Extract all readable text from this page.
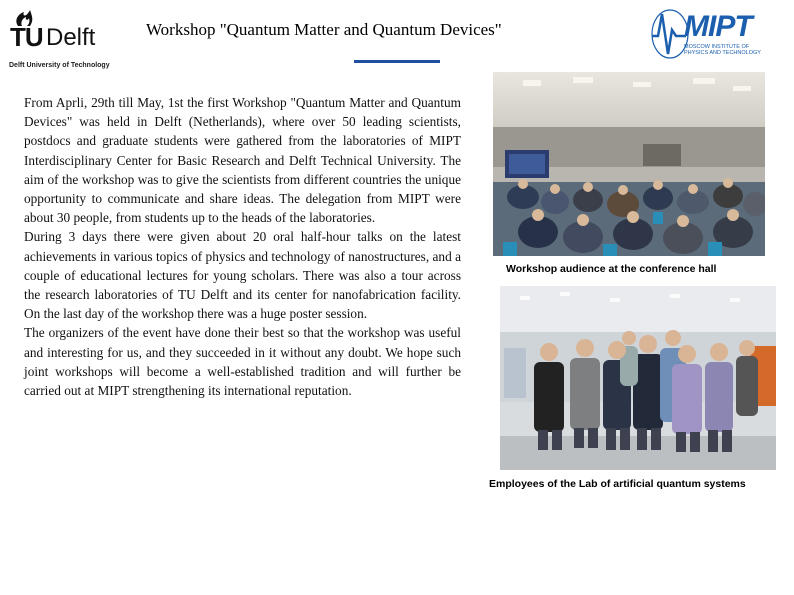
TU Delft
Delft University of Technology
Workshop "Quantum Matter and Quantum Devices"	MIPT
MOSCOW INSTITUTE OF PHYSICS AND TECHNOLOGY

From Aprli, 29th till May, 1st the first Workshop "Quantum Matter and Quantum Devices" was held in Delft (Netherlands), where over 50 leading scientists, postdocs and graduate students were gathered from the laboratories of MIPT Interdisciplinary Center for Basic Research and Delft Technical University. The aim of the workshop was to give the scientists from different countries the unique opportunity to communicate and share ideas. The delegation from MIPT were about 30 people, from students up to the heads of the laboratories.

During 3 days there were given about 20 oral half-hour talks on the latest achievements in various topics of physics and technology of nanostructures, and a couple of educational lectures for young scholars. There was also a tour across the research laboratories of TU Delft and its center for nanofabrication facility. On the last day of the workshop there was a huge poster session.

The organizers of the event have done their best so that the workshop was useful and interesting for us, and they succeeded in it without any doubt. We hope such joint workshops will become a well-established tradition and will further be carried out at MIPT strengthening its international reputation.

Workshop audience at the conference hall
Employees of the Lab of artificial quantum systems
